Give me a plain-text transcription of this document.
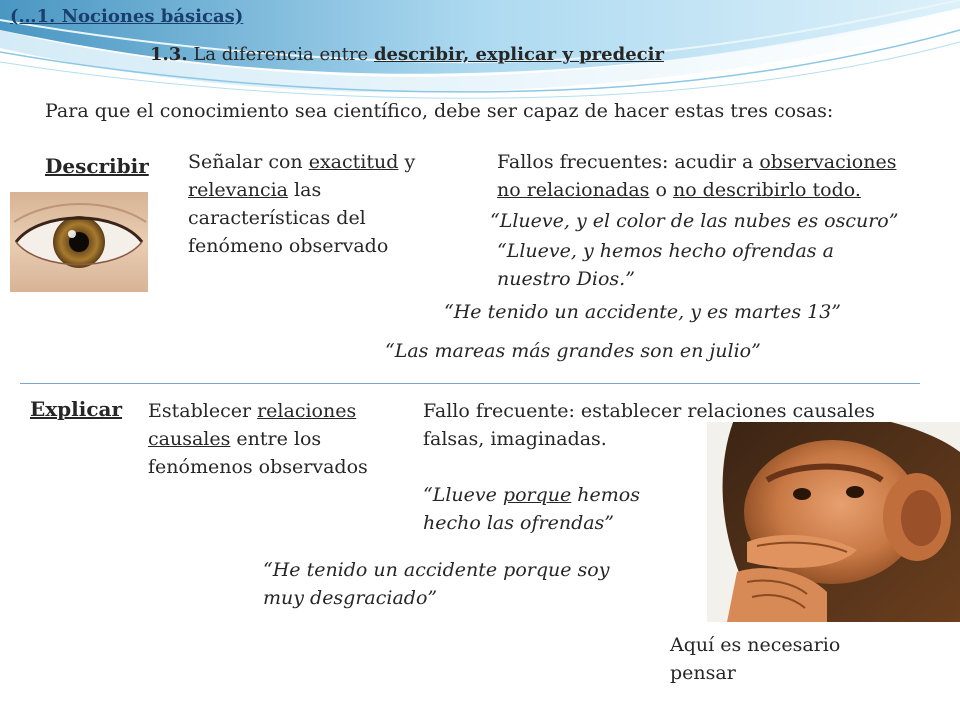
(…1. Nociones básicas)
1.3. La diferencia entre describir, explicar y predecir
Para que el conocimiento sea científico, debe ser capaz de hacer estas tres cosas:
Describir Señalar con exactitud y
relevancia las
características del
fenómeno observado
Fallos frecuentes: acudir a observaciones
no relacionadas o no describirlo todo.
“Llueve, y el color de las nubes es oscuro”
“Llueve, y hemos hecho ofrendas a
nuestro Dios.”
“He tenido un accidente, y es martes 13”
“Las mareas más grandes son en julio”
Explicar Establecer relaciones
causales entre los
fenómenos observados
Fallo frecuente: establecer relaciones causales
falsas, imaginadas.
“Llueve porque hemos
hecho las ofrendas”
“He tenido un accidente porque soy
muy desgraciado”
Aquí es necesario
pensar
